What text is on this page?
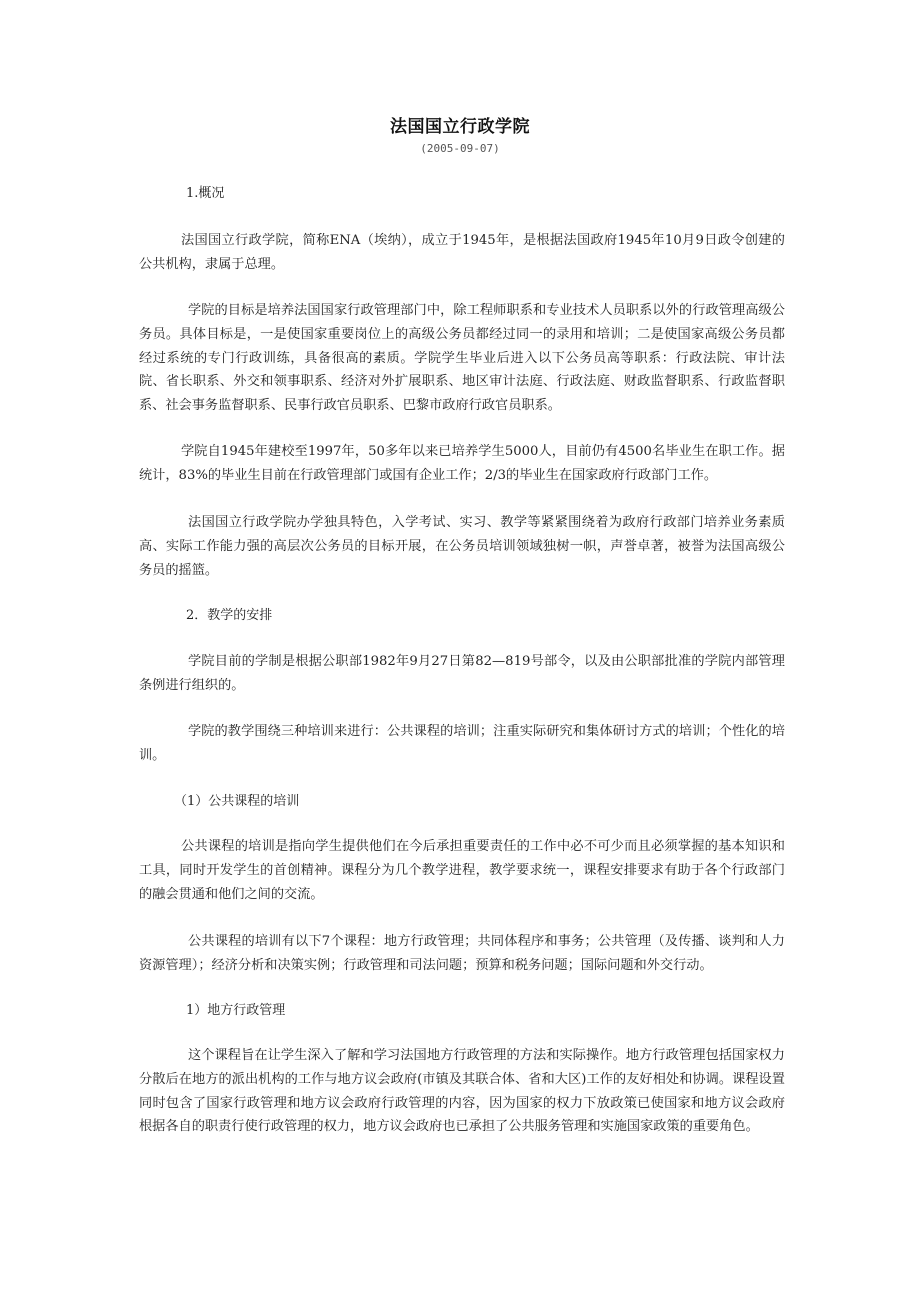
法国国立行政学院
(2005-09-07)

1.概况

法国国立行政学院，简称ENA（埃纳），成立于1945年，是根据法国政府1945年10月9日政令创建的公共机构，隶属于总理。

学院的目标是培养法国国家行政管理部门中，除工程师职系和专业技术人员职系以外的行政管理高级公务员。具体目标是，一是使国家重要岗位上的高级公务员都经过同一的录用和培训；二是使国家高级公务员都经过系统的专门行政训练，具备很高的素质。学院学生毕业后进入以下公务员高等职系：行政法院、审计法院、省长职系、外交和领事职系、经济对外扩展职系、地区审计法庭、行政法庭、财政监督职系、行政监督职系、社会事务监督职系、民事行政官员职系、巴黎市政府行政官员职系。

学院自1945年建校至1997年，50多年以来已培养学生5000人，目前仍有4500名毕业生在职工作。据统计，83%的毕业生目前在行政管理部门或国有企业工作；2/3的毕业生在国家政府行政部门工作。

法国国立行政学院办学独具特色，入学考试、实习、教学等紧紧围绕着为政府行政部门培养业务素质高、实际工作能力强的高层次公务员的目标开展，在公务员培训领域独树一帜，声誉卓著，被誉为法国高级公务员的摇篮。

2．教学的安排

学院目前的学制是根据公职部1982年9月27日第82—819号部令，以及由公职部批准的学院内部管理条例进行组织的。

学院的教学围绕三种培训来进行：公共课程的培训；注重实际研究和集体研讨方式的培训；个性化的培训。

（1）公共课程的培训

公共课程的培训是指向学生提供他们在今后承担重要责任的工作中必不可少而且必须掌握的基本知识和工具，同时开发学生的首创精神。课程分为几个教学进程，教学要求统一，课程安排要求有助于各个行政部门的融会贯通和他们之间的交流。

公共课程的培训有以下7个课程：地方行政管理；共同体程序和事务；公共管理（及传播、谈判和人力资源管理）；经济分析和决策实例；行政管理和司法问题；预算和税务问题；国际问题和外交行动。

1）地方行政管理

这个课程旨在让学生深入了解和学习法国地方行政管理的方法和实际操作。地方行政管理包括国家权力分散后在地方的派出机构的工作与地方议会政府(市镇及其联合体、省和大区)工作的友好相处和协调。课程设置同时包含了国家行政管理和地方议会政府行政管理的内容，因为国家的权力下放政策已使国家和地方议会政府根据各自的职责行使行政管理的权力，地方议会政府也已承担了公共服务管理和实施国家政策的重要角色。
